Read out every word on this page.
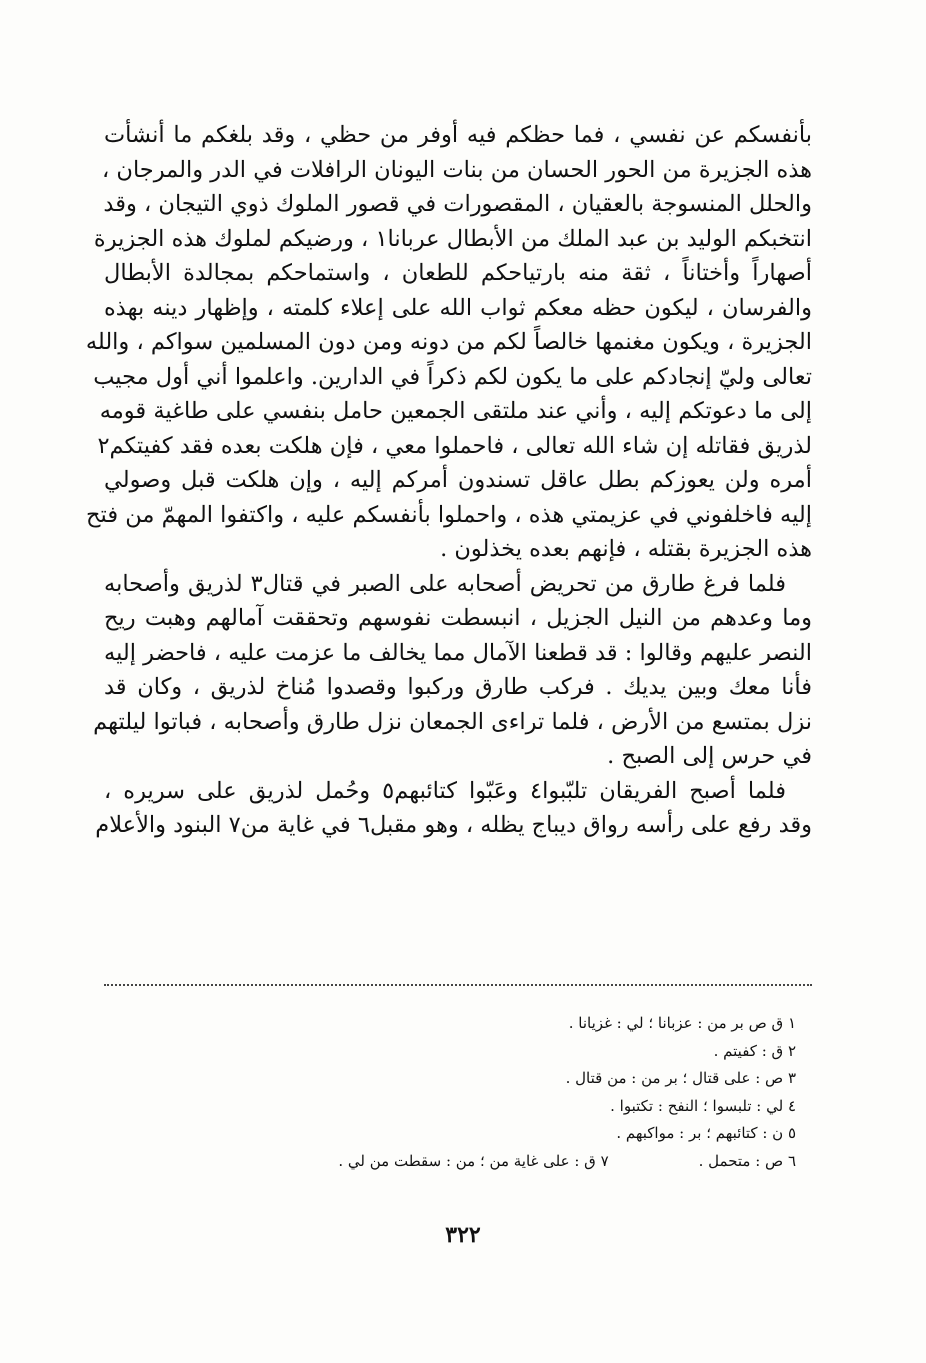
بأنفسكم عن نفسي ، فما حظكم فيه أوفر من حظي ، وقد بلغكم ما أنشأت
هذه الجزيرة من الحور الحسان من بنات اليونان الرافلات في الدر والمرجان ،
والحلل المنسوجة بالعقيان ، المقصورات في قصور الملوك ذوي التيجان ، وقد
انتخبكم الوليد بن عبد الملك من الأبطال عربانا١ ، ورضيكم لملوك هذه الجزيرة
أصهاراً وأختاناً ، ثقة منه بارتياحكم للطعان ، واستماحكم بمجالدة الأبطال
والفرسان ، ليكون حظه معكم ثواب الله على إعلاء كلمته ، وإظهار دينه بهذه
الجزيرة ، ويكون مغنمها خالصاً لكم من دونه ومن دون المسلمين سواكم ، والله
تعالى وليّ إنجادكم على ما يكون لكم ذكراً في الدارين. واعلموا أني أول مجيب
إلى ما دعوتكم إليه ، وأني عند ملتقى الجمعين حامل بنفسي على طاغية قومه
لذريق فقاتله إن شاء الله تعالى ، فاحملوا معي ، فإن هلكت بعده فقد كفيتكم٢
أمره ولن يعوزكم بطل عاقل تسندون أمركم إليه ، وإن هلكت قبل وصولي
إليه فاخلفوني في عزيمتي هذه ، واحملوا بأنفسكم عليه ، واكتفوا المهمّ من فتح
هذه الجزيرة بقتله ، فإنهم بعده يخذلون .
فلما فرغ طارق من تحريض أصحابه على الصبر في قتال٣ لذريق وأصحابه
وما وعدهم من النيل الجزيل ، انبسطت نفوسهم وتحققت آمالهم وهبت ريح
النصر عليهم وقالوا : قد قطعنا الآمال مما يخالف ما عزمت عليه ، فاحضر إليه
فأنا معك وبين يديك . فركب طارق وركبوا وقصدوا مُناخ لذريق ، وكان قد
نزل بمتسع من الأرض ، فلما تراءى الجمعان نزل طارق وأصحابه ، فباتوا ليلتهم
في حرس إلى الصبح .
فلما أصبح الفريقان تلبّبوا٤ وعَبّوا كتائبهم٥ وحُمل لذريق على سريره ،
وقد رفع على رأسه رواق ديباج يظله ، وهو مقبل٦ في غاية من٧ البنود والأعلام
١ ق ص بر من : عزبانا ؛ لي : غزيانا .
٢ ق : كفيتم .
٣ ص : على قتال ؛ بر من : من قتال .
٤ لي : تلبسوا ؛ النفح : تكتبوا .
٥ ن : كتائبهم ؛ بر : مواكبهم .
٦ ص : متحمل .
٧ ق : على غاية من ؛ من : سقطت من لي .
٣٢٢
